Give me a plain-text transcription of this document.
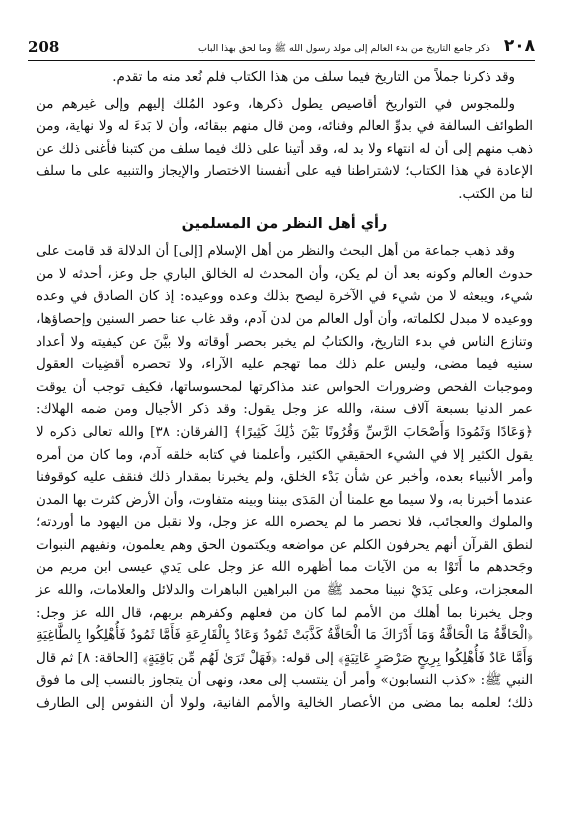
208	ذكر جامع التاريخ من بدء العالم إلى مولد رسول الله ﷺ وما لحق بهذا الباب ٢٠٨

وقد ذكرنا جملاً من التاريخ فيما سلف من هذا الكتاب فلم نُعد منه ما تقدم.

وللمجوس في التواريخ أقاصيص يطول ذكرها، وعود المُلك إليهم وإلى غيرهم من الطوائف السالفة في بدوِّ العالم وفنائه، ومن قال منهم ببقائه، وأن لا بَدءَ له ولا نهاية، ومن ذهب منهم إلى أن له انتهاء ولا بد له، وقد أتينا على ذلك فيما سلف من كتبنا فأغنى ذلك عن الإعادة في هذا الكتاب؛ لاشتراطنا فيه على أنفسنا الاختصار والإيجاز والتنبيه على ما سلف لنا من الكتب.

رأي أهل النظر من المسلمين

وقد ذهب جماعة من أهل البحث والنظر من أهل الإسلام [إلى] أن الدلالة قد قامت على حدوث العالم وكونه بعد أن لم يكن، وأن المحدث له الخالق الباري جل وعز، أحدثه لا من شيء، ويبعثه لا من شيء في الآخرة ليصح بذلك وعده ووعيده: إذ كان الصادق في وعده ووعيده لا مبدل لكلماته، وأن أول العالم من لدن آدم، وقد غاب عنا حصر السنين وإحصاؤها، وتنازع الناس في بدء التاريخ، والكتابُ لم يخبر بحصر أوقاته ولا بيَّنَ عن كيفيته ولا أعداد سنيه فيما مضى، وليس علم ذلك مما تهجم عليه الآراء، ولا تحصره أقضِيات العقول وموجبات الفحص وضرورات الحواس عند مذاكرتها لمحسوساتها، فكيف توجب أن يوقت عمر الدنيا بسبعة آلاف سنة، والله عز وجل يقول: وقد ذكر الأجيال ومن ضمه الهلاك: ﴿وَعَادًا وَثَمُودَا وَأَصْحَابَ الرَّسِّ وَقُرُونًا بَيْنَ ذَٰلِكَ كَثِيرًا﴾ [الفرقان: ٣٨] والله تعالى ذكره لا يقول الكثير إلا في الشيء الحقيقي الكثير، وأعلمنا في كتابه خلقه آدم، وما كان من أمره وأمر الأنبياء بعده، وأخبر عن شأن بَدْء الخلق، ولم يخبرنا بمقدار ذلك فنقف عليه كوقوفنا عندما أخبرنا به، ولا سيما مع علمنا أن المَدَى بيننا وبينه متفاوت، وأن الأرض كثرت بها المدن والملوك والعجائب، فلا نحصر ما لم يحصره الله عز وجل، ولا نقبل من اليهود ما أوردته؛ لنطق القرآن أنهم يحرفون الكلم عن مواضعه ويكتمون الحق وهم يعلمون، ونفيهم النبوات وجَحدهم ما أَتَوْا به من الآيات مما أظهره الله عز وجل على يَدي عيسى ابن مريم من المعجزات، وعلى يَدَيْ نبينا محمد ﷺ من البراهين الباهرات والدلائل والعلامات، والله عز وجل يخبرنا بما أهلك من الأمم لما كان من فعلهم وكفرهم بربهم، قال الله عز وجل: ﴿الْحَاقَّةُ مَا الْحَاقَّةُ وَمَا أَدْرَاكَ مَا الْحَاقَّةُ كَذَّبَتْ ثَمُودُ وَعَادٌ بِالْقَارِعَةِ فَأَمَّا ثَمُودُ فَأُهْلِكُوا بِالطَّاغِيَةِ وَأَمَّا عَادٌ فَأُهْلِكُوا بِرِيحٍ صَرْصَرٍ عَاتِيَةٍ﴾ إلى قوله: ﴿فَهَلْ تَرَىٰ لَهُم مِّن بَاقِيَةٍ﴾ [الحاقة: ٨] ثم قال النبي ﷺ: «كذب النسابون» وأمر أن ينتسب إلى معد، ونهى أن يتجاوز بالنسب إلى ما فوق ذلك؛ لعلمه بما مضى من الأعصار الخالية والأمم الفانية، ولولا أن النفوس إلى الطارف
